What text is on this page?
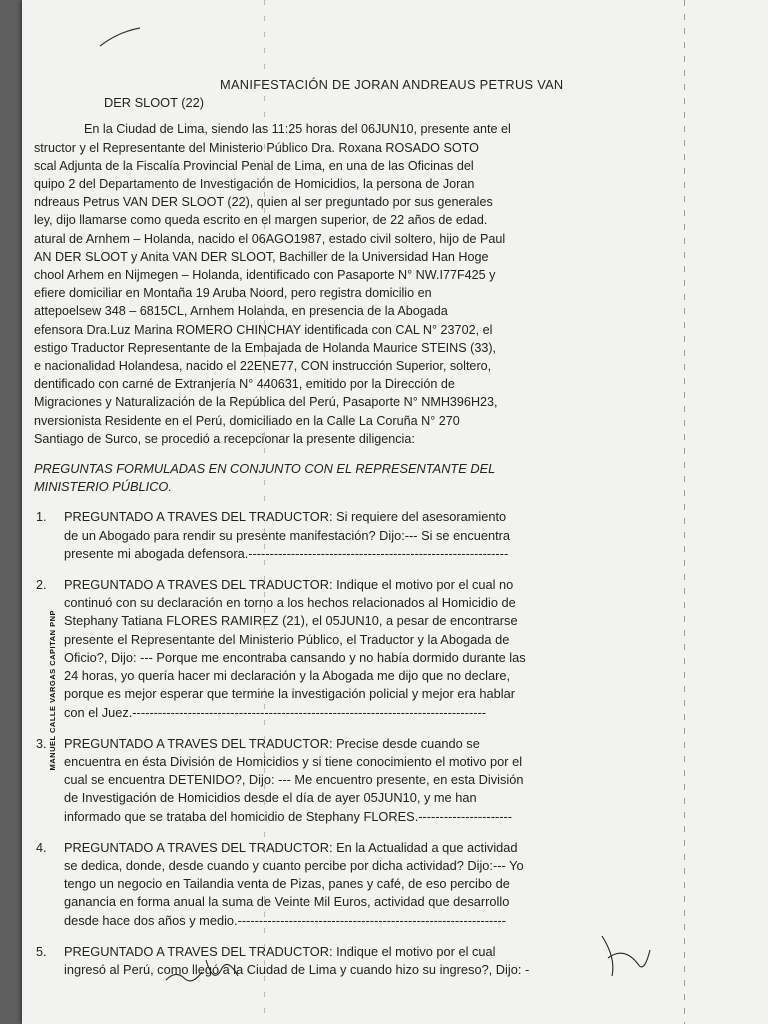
MANIFESTACIÓN DE JORAN ANDREAUS PETRUS VAN
DER SLOOT (22)

En la Ciudad de Lima, siendo las 11:25 horas del 06JUN10, presente ante el

structor y el Representante del Ministerio Público Dra. Roxana ROSADO SOTO

scal Adjunta de la Fiscalía Provincial Penal de Lima, en una de las Oficinas del

quipo 2 del Departamento de Investigación de Homicidios, la persona de Joran

ndreaus Petrus VAN DER SLOOT (22), quien al ser preguntado por sus generales

ley, dijo llamarse como queda escrito en el margen superior, de 22 años de edad.

atural de Arnhem – Holanda, nacido el 06AGO1987, estado civil soltero, hijo de Paul

AN DER SLOOT y Anita VAN DER SLOOT, Bachiller de la Universidad Han Hoge

chool Arhem en Nijmegen – Holanda, identificado con Pasaporte N° NW.I77F425 y

efiere domiciliar en Montaña 19 Aruba Noord, pero registra domicilio en

attepoelsew 348 – 6815CL, Arnhem Holanda, en presencia de la Abogada

efensora Dra.Luz Marina ROMERO CHINCHAY identificada con CAL N° 23702, el

estigo Traductor Representante de la Embajada de Holanda Maurice STEINS (33),

e nacionalidad Holandesa, nacido el 22ENE77, CON instrucción Superior, soltero,

dentificado con carné de Extranjería N° 440631, emitido por la Dirección de

Migraciones y Naturalización de la República del Perú, Pasaporte N° NMH396H23,

nversionista Residente en el Perú, domiciliado en la Calle La Coruña N° 270

Santiago de Surco, se procedió a recepcionar la presente diligencia:

PREGUNTAS FORMULADAS EN CONJUNTO CON EL REPRESENTANTE DEL

MINISTERIO PÚBLICO.

1.	PREGUNTADO A TRAVES DEL TRADUCTOR: Si requiere del asesoramiento

de un Abogado para rendir su presente manifestación? Dijo:--- Si se encuentra

presente mi abogada defensora.-------------------------------------------------------------

2.	PREGUNTADO A TRAVES DEL TRADUCTOR: Indique el motivo por el cual no

continuó con su declaración en torno a los hechos relacionados al Homicidio de

Stephany Tatiana FLORES RAMIREZ (21), el 05JUN10, a pesar de encontrarse

presente el Representante del Ministerio Público, el Traductor y la Abogada de

Oficio?, Dijo: --- Porque me encontraba cansando y no había dormido durante las

24 horas, yo quería hacer mi declaración y la Abogada me dijo que no declare,

porque es mejor esperar que termine la investigación policial y mejor era hablar

con el Juez.-----------------------------------------------------------------------------------

3.	PREGUNTADO A TRAVES DEL TRADUCTOR: Precise desde cuando se

encuentra en ésta División de Homicidios y si tiene conocimiento el motivo por el

cual se encuentra DETENIDO?, Dijo: --- Me encuentro presente, en esta División

de Investigación de Homicidios desde el día de ayer 05JUN10, y me han

informado que se trataba del homicidio de Stephany FLORES.----------------------

4.	PREGUNTADO A TRAVES DEL TRADUCTOR: En la Actualidad a que actividad

se dedica, donde, desde cuando y cuanto percibe por dicha actividad? Dijo:--- Yo

tengo un negocio en Tailandia venta de Pizas, panes y café, de eso percibo de

ganancia en forma anual la suma de Veinte Mil Euros, actividad que desarrollo

desde hace dos años y medio.---------------------------------------------------------------

5.	PREGUNTADO A TRAVES DEL TRADUCTOR: Indique el motivo por el cual

ingresó al Perú, como llegó a la Ciudad de Lima y cuando hizo su ingreso?, Dijo: -

MANUEL CALLE VARGAS CAPITAN PNP
